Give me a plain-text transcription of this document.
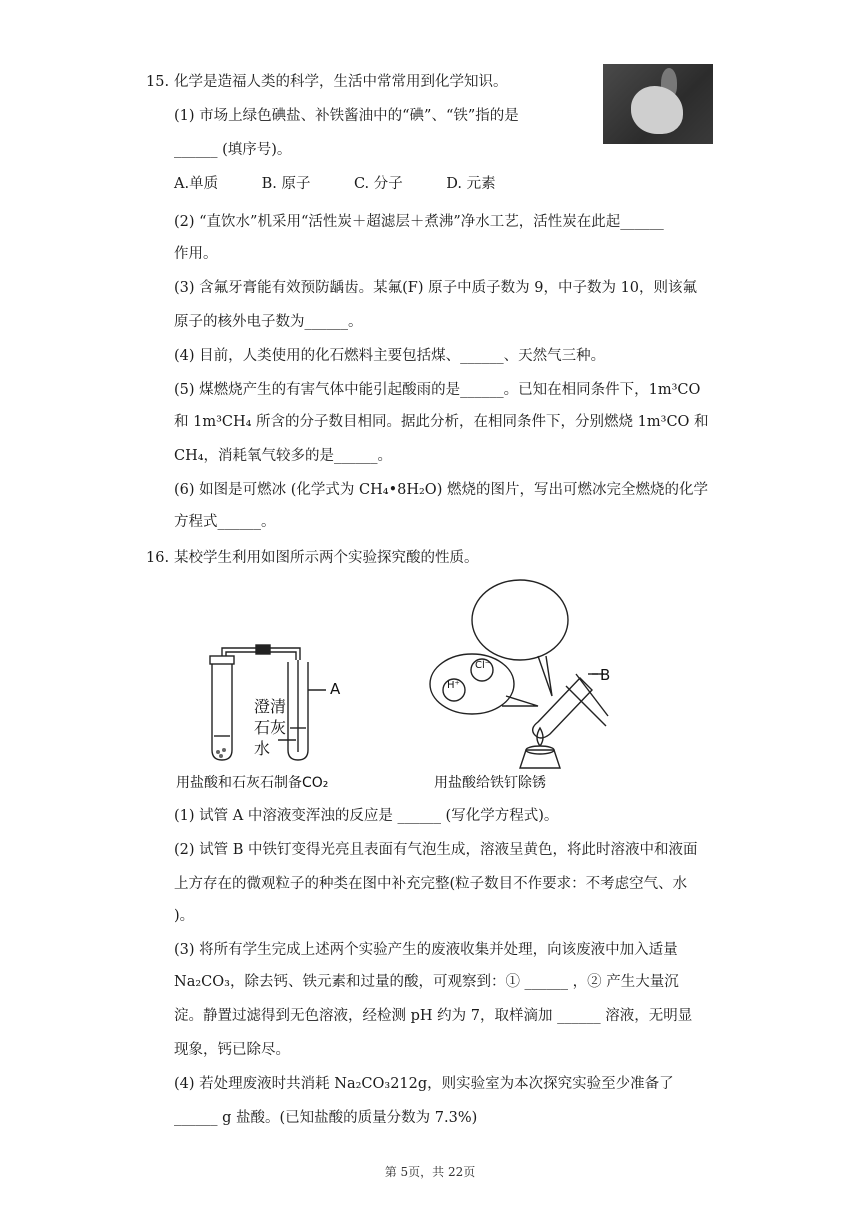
15. 化学是造福人类的科学，生活中常常用到化学知识。
(1) 市场上绿色碘盐、补铁酱油中的“碘”、“铁”指的是
______ (填序号)。
A.单质　　　B. 原子　　　C. 分子　　　D. 元素
(2) “直饮水”机采用“活性炭＋超滤层＋煮沸”净水工艺，活性炭在此起______
作用。
(3) 含氟牙膏能有效预防龋齿。某氟(F) 原子中质子数为 9，中子数为 10，则该氟
原子的核外电子数为______。
(4) 目前，人类使用的化石燃料主要包括煤、______、天然气三种。
(5) 煤燃烧产生的有害气体中能引起酸雨的是______。已知在相同条件下，1m³CO
和 1m³CH₄ 所含的分子数目相同。据此分析，在相同条件下，分别燃烧 1m³CO 和
CH₄，消耗氧气较多的是______。
(6) 如图是可燃冰 (化学式为 CH₄•8H₂O) 燃烧的图片，写出可燃冰完全燃烧的化学
方程式______。
16. 某校学生利用如图所示两个实验探究酸的性质。
A
澄清石灰水
用盐酸和石灰石制备CO₂
H⁺
Cl⁻
B
用盐酸给铁钉除锈
(1) 试管 A 中溶液变浑浊的反应是 ______ (写化学方程式)。
(2) 试管 B 中铁钉变得光亮且表面有气泡生成，溶液呈黄色，将此时溶液中和液面
上方存在的微观粒子的种类在图中补充完整(粒子数目不作要求：不考虑空气、水
)。
(3) 将所有学生完成上述两个实验产生的废液收集并处理，向该废液中加入适量
Na₂CO₃，除去钙、铁元素和过量的酸，可观察到：① ______ ，② 产生大量沉
淀。静置过滤得到无色溶液，经检测 pH 约为 7，取样滴加 ______ 溶液，无明显
现象，钙已除尽。
(4) 若处理废液时共消耗 Na₂CO₃212g，则实验室为本次探究实验至少准备了
______ g 盐酸。(已知盐酸的质量分数为 7.3%)
第 5页，共 22页
